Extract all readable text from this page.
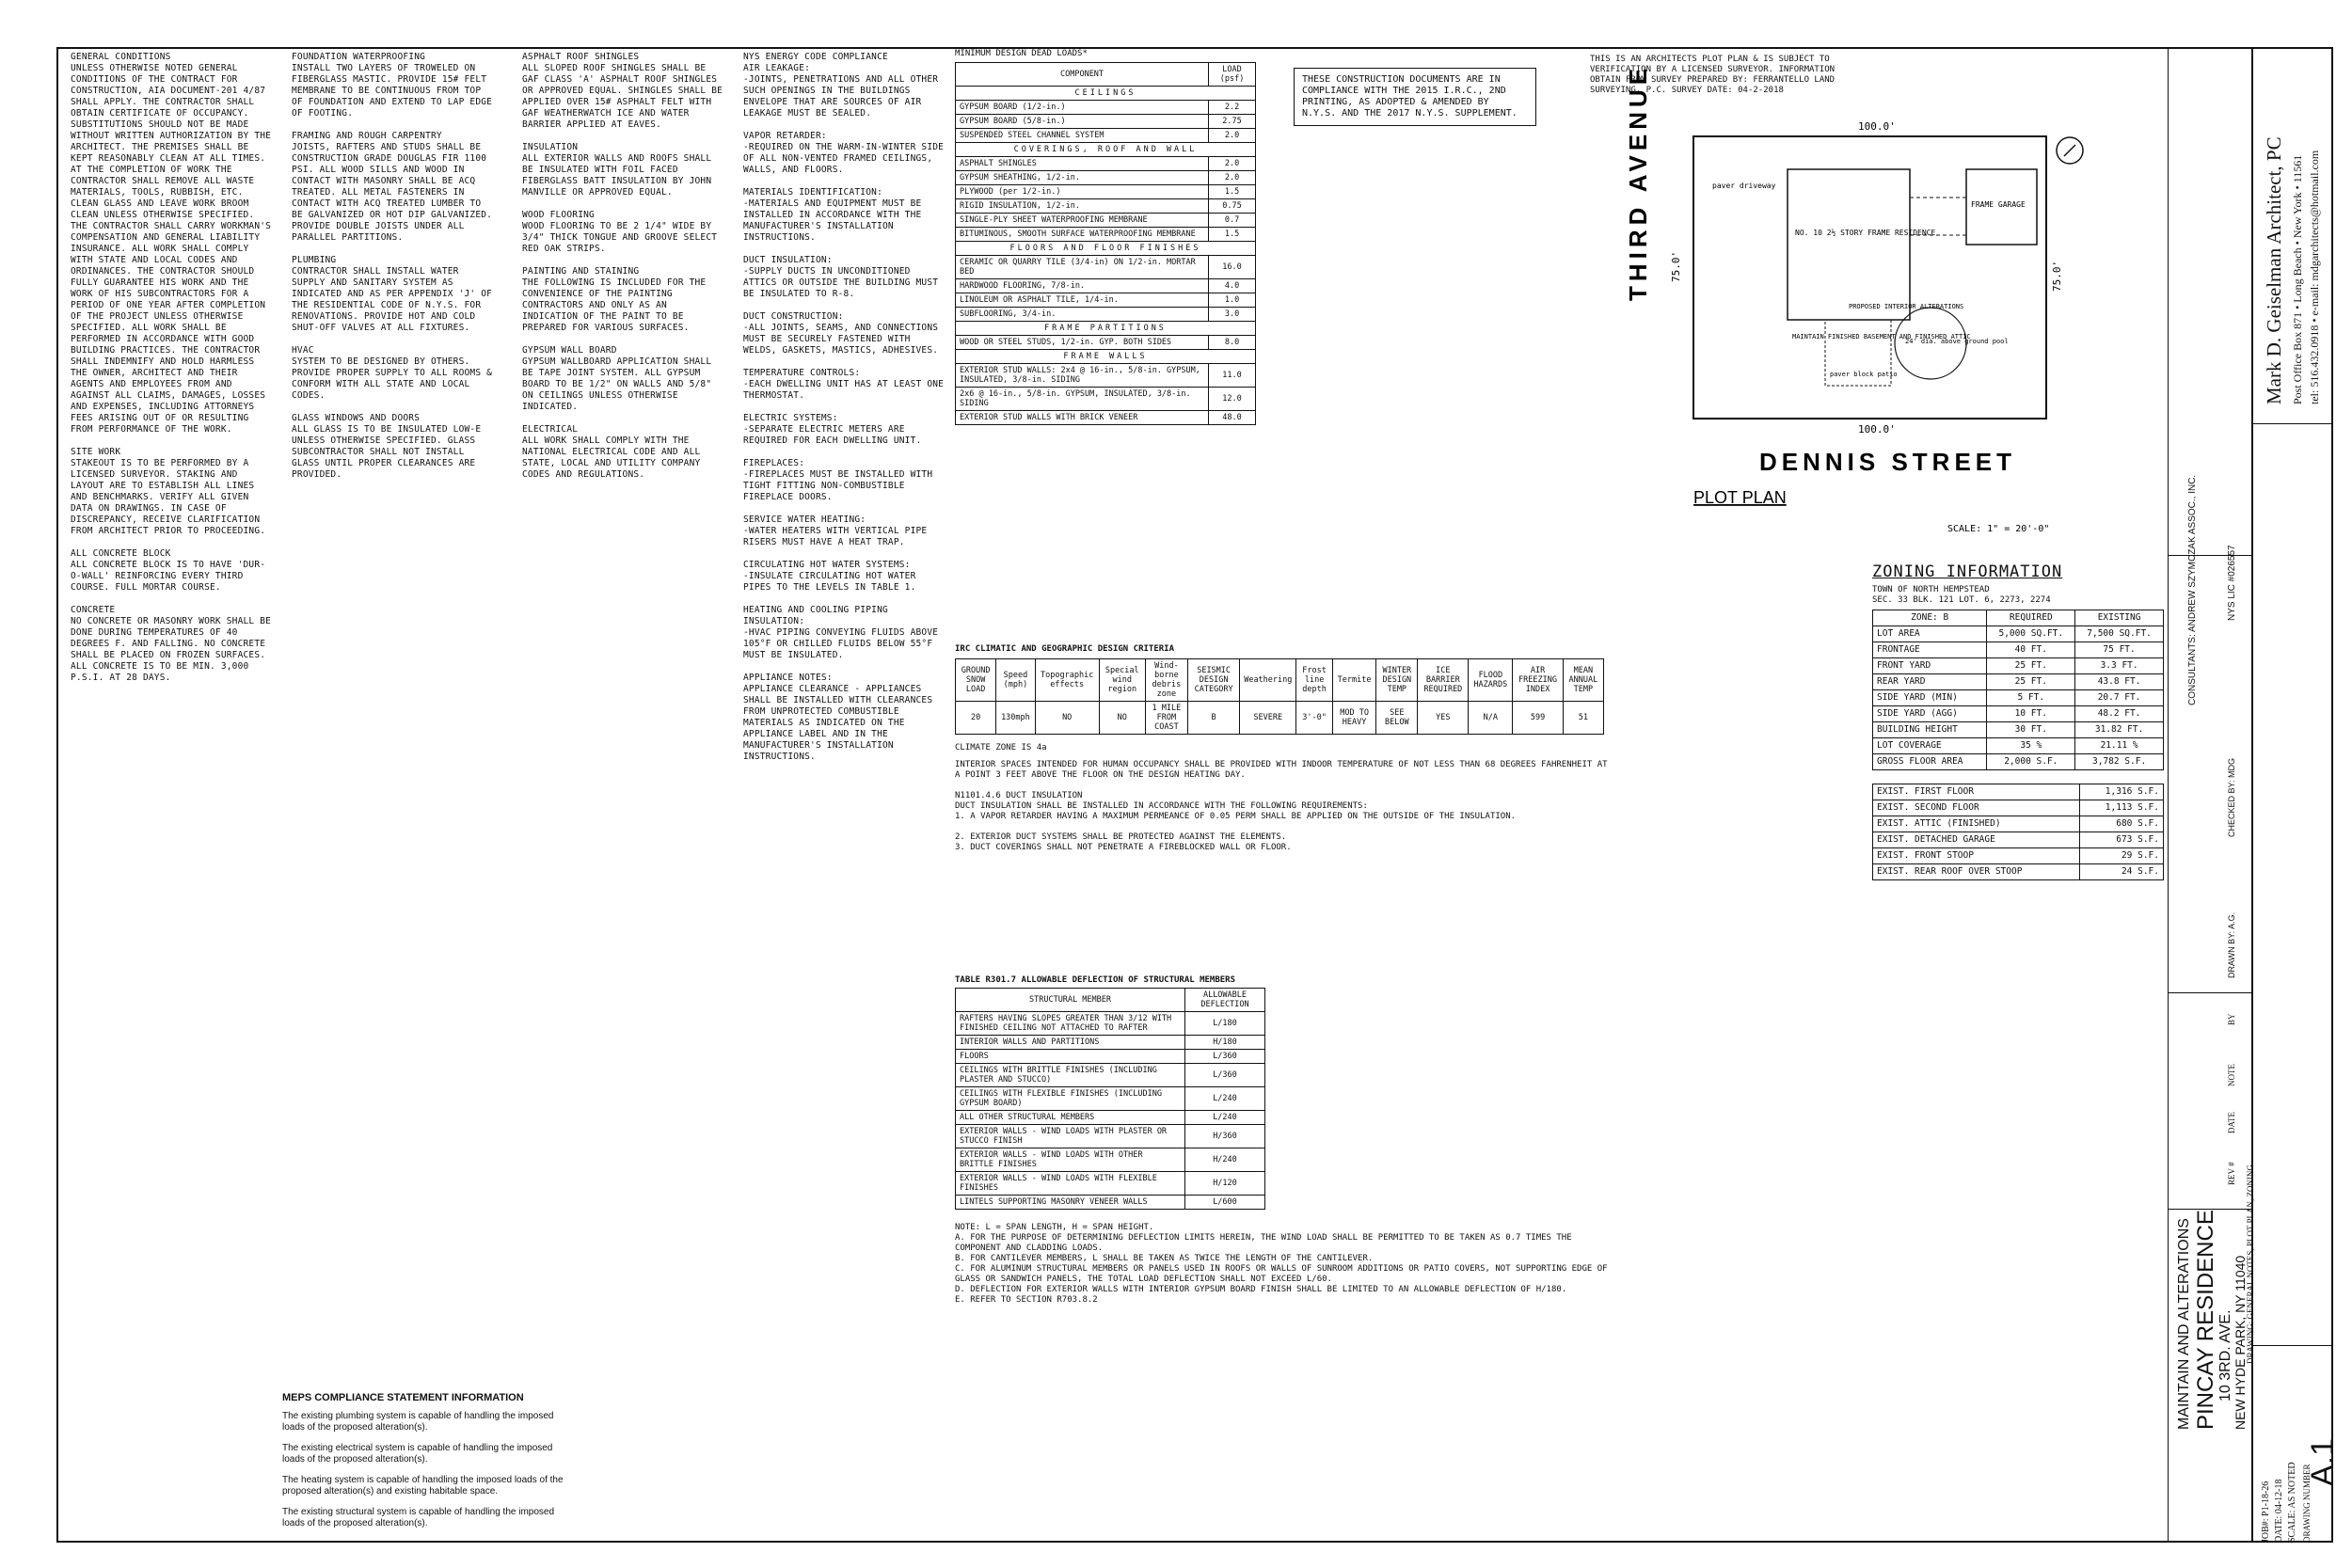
GENERAL CONDITIONS
UNLESS OTHERWISE NOTED GENERAL CONDITIONS OF THE CONTRACT FOR CONSTRUCTION, AIA DOCUMENT-201 4/87 SHALL APPLY. THE CONTRACTOR SHALL OBTAIN CERTIFICATE OF OCCUPANCY. SUBSTITUTIONS SHOULD NOT BE MADE WITHOUT WRITTEN AUTHORIZATION BY THE ARCHITECT. THE PREMISES SHALL BE KEPT REASONABLY CLEAN AT ALL TIMES. AT THE COMPLETION OF WORK THE CONTRACTOR SHALL REMOVE ALL WASTE MATERIALS, TOOLS, RUBBISH, ETC. CLEAN GLASS AND LEAVE WORK BROOM CLEAN UNLESS OTHERWISE SPECIFIED. THE CONTRACTOR SHALL CARRY WORKMAN'S COMPENSATION AND GENERAL LIABILITY INSURANCE. ALL WORK SHALL COMPLY WITH STATE AND LOCAL CODES AND ORDINANCES. THE CONTRACTOR SHOULD FULLY GUARANTEE HIS WORK AND THE WORK OF HIS SUBCONTRACTORS FOR A PERIOD OF ONE YEAR AFTER COMPLETION OF THE PROJECT UNLESS OTHERWISE SPECIFIED. ALL WORK SHALL BE PERFORMED IN ACCORDANCE WITH GOOD BUILDING PRACTICES. THE CONTRACTOR SHALL INDEMNIFY AND HOLD HARMLESS THE OWNER, ARCHITECT AND THEIR AGENTS AND EMPLOYEES FROM AND AGAINST ALL CLAIMS, DAMAGES, LOSSES AND EXPENSES, INCLUDING ATTORNEYS FEES ARISING OUT OF OR RESULTING FROM PERFORMANCE OF THE WORK.

SITE WORK
STAKEOUT IS TO BE PERFORMED BY A LICENSED SURVEYOR. STAKING AND LAYOUT ARE TO ESTABLISH ALL LINES AND BENCHMARKS. VERIFY ALL GIVEN DATA ON DRAWINGS. IN CASE OF DISCREPANCY, RECEIVE CLARIFICATION FROM ARCHITECT PRIOR TO PROCEEDING.

ALL CONCRETE BLOCK
ALL CONCRETE BLOCK IS TO HAVE 'DUR-O-WALL' REINFORCING EVERY THIRD COURSE. FULL MORTAR COURSE.

CONCRETE
NO CONCRETE OR MASONRY WORK SHALL BE DONE DURING TEMPERATURES OF 40 DEGREES F. AND FALLING. NO CONCRETE SHALL BE PLACED ON FROZEN SURFACES. ALL CONCRETE IS TO BE MIN. 3,000 P.S.I. AT 28 DAYS.
FOUNDATION WATERPROOFING
INSTALL TWO LAYERS OF TROWELED ON FIBERGLASS MASTIC. PROVIDE 15# FELT MEMBRANE TO BE CONTINUOUS FROM TOP OF FOUNDATION AND EXTEND TO LAP EDGE OF FOOTING.

FRAMING AND ROUGH CARPENTRY
JOISTS, RAFTERS AND STUDS SHALL BE CONSTRUCTION GRADE DOUGLAS FIR 1100 PSI. ALL WOOD SILLS AND WOOD IN CONTACT WITH MASONRY SHALL BE ACQ TREATED. ALL METAL FASTENERS IN CONTACT WITH ACQ TREATED LUMBER TO BE GALVANIZED OR HOT DIP GALVANIZED. PROVIDE DOUBLE JOISTS UNDER ALL PARALLEL PARTITIONS.

PLUMBING
CONTRACTOR SHALL INSTALL WATER SUPPLY AND SANITARY SYSTEM AS INDICATED AND AS PER APPENDIX 'J' OF THE RESIDENTIAL CODE OF N.Y.S. FOR RENOVATIONS. PROVIDE HOT AND COLD SHUT-OFF VALVES AT ALL FIXTURES.

HVAC
SYSTEM TO BE DESIGNED BY OTHERS. PROVIDE PROPER SUPPLY TO ALL ROOMS & CONFORM WITH ALL STATE AND LOCAL CODES.

GLASS WINDOWS AND DOORS
ALL GLASS IS TO BE INSULATED LOW-E UNLESS OTHERWISE SPECIFIED. GLASS SUBCONTRACTOR SHALL NOT INSTALL GLASS UNTIL PROPER CLEARANCES ARE PROVIDED.
ASPHALT ROOF SHINGLES
ALL SLOPED ROOF SHINGLES SHALL BE GAF CLASS 'A' ASPHALT ROOF SHINGLES OR APPROVED EQUAL. SHINGLES SHALL BE APPLIED OVER 15# ASPHALT FELT WITH GAF WEATHERWATCH ICE AND WATER BARRIER APPLIED AT EAVES.

INSULATION
ALL EXTERIOR WALLS AND ROOFS SHALL BE INSULATED WITH FOIL FACED FIBERGLASS BATT INSULATION BY JOHN MANVILLE OR APPROVED EQUAL.

WOOD FLOORING
WOOD FLOORING TO BE 2 1/4" WIDE BY 3/4" THICK TONGUE AND GROOVE SELECT RED OAK STRIPS.

PAINTING AND STAINING
THE FOLLOWING IS INCLUDED FOR THE CONVENIENCE OF THE PAINTING CONTRACTORS AND ONLY AS AN INDICATION OF THE PAINT TO BE PREPARED FOR VARIOUS SURFACES.

GYPSUM WALL BOARD
GYPSUM WALLBOARD APPLICATION SHALL BE TAPE JOINT SYSTEM. ALL GYPSUM BOARD TO BE 1/2" ON WALLS AND 5/8" ON CEILINGS UNLESS OTHERWISE INDICATED.

ELECTRICAL
ALL WORK SHALL COMPLY WITH THE NATIONAL ELECTRICAL CODE AND ALL STATE, LOCAL AND UTILITY COMPANY CODES AND REGULATIONS.
NYS ENERGY CODE COMPLIANCE
AIR LEAKAGE:
-JOINTS, PENETRATIONS AND ALL OTHER SUCH OPENINGS IN THE BUILDINGS ENVELOPE THAT ARE SOURCES OF AIR LEAKAGE MUST BE SEALED.

VAPOR RETARDER:
-REQUIRED ON THE WARM-IN-WINTER SIDE OF ALL NON-VENTED FRAMED CEILINGS, WALLS, AND FLOORS.

MATERIALS IDENTIFICATION:
-MATERIALS AND EQUIPMENT MUST BE INSTALLED IN ACCORDANCE WITH THE MANUFACTURER'S INSTALLATION INSTRUCTIONS.

DUCT INSULATION:
-SUPPLY DUCTS IN UNCONDITIONED ATTICS OR OUTSIDE THE BUILDING MUST BE INSULATED TO R-8.

DUCT CONSTRUCTION:
-ALL JOINTS, SEAMS, AND CONNECTIONS MUST BE SECURELY FASTENED WITH WELDS, GASKETS, MASTICS, ADHESIVES.

TEMPERATURE CONTROLS:
-EACH DWELLING UNIT HAS AT LEAST ONE THERMOSTAT.

ELECTRIC SYSTEMS:
-SEPARATE ELECTRIC METERS ARE REQUIRED FOR EACH DWELLING UNIT.

FIREPLACES:
-FIREPLACES MUST BE INSTALLED WITH TIGHT FITTING NON-COMBUSTIBLE FIREPLACE DOORS.

SERVICE WATER HEATING:
-WATER HEATERS WITH VERTICAL PIPE RISERS MUST HAVE A HEAT TRAP.

CIRCULATING HOT WATER SYSTEMS:
-INSULATE CIRCULATING HOT WATER PIPES TO THE LEVELS IN TABLE 1.

HEATING AND COOLING PIPING INSULATION:
-HVAC PIPING CONVEYING FLUIDS ABOVE 105°F OR CHILLED FLUIDS BELOW 55°F MUST BE INSULATED.

APPLIANCE NOTES:
APPLIANCE CLEARANCE - APPLIANCES SHALL BE INSTALLED WITH CLEARANCES FROM UNPROTECTED COMBUSTIBLE MATERIALS AS INDICATED ON THE APPLIANCE LABEL AND IN THE MANUFACTURER'S INSTALLATION INSTRUCTIONS.
MEPS COMPLIANCE STATEMENT INFORMATION

The existing plumbing system is capable of handling the imposed loads of the proposed alteration(s).

The existing electrical system is capable of handling the imposed loads of the proposed alteration(s).

The heating system is capable of handling the imposed loads of the proposed alteration(s) and existing habitable space.

The existing structural system is capable of handling the imposed loads of the proposed alteration(s).

MINIMUM DESIGN DEAD LOADS*
COMPONENT	LOAD (psf)
CEILINGS	
GYPSUM BOARD (1/2-in.)	2.2
GYPSUM BOARD (5/8-in.)	2.75
SUSPENDED STEEL CHANNEL SYSTEM	2.0
COVERINGS, ROOF AND WALL	
ASPHALT SHINGLES	2.0
GYPSUM SHEATHING, 1/2-in.	2.0
PLYWOOD (per 1/2-in.)	1.5
RIGID INSULATION, 1/2-in.	0.75
SINGLE-PLY SHEET WATERPROOFING MEMBRANE	0.7
BITUMINOUS, SMOOTH SURFACE WATERPROOFING MEMBRANE	1.5
FLOORS AND FLOOR FINISHES	
CERAMIC OR QUARRY TILE (3/4-in) ON 1/2-in. MORTAR BED	16.0
HARDWOOD FLOORING, 7/8-in.	4.0
LINOLEUM OR ASPHALT TILE, 1/4-in.	1.0
SUBFLOORING, 3/4-in.	3.0
FRAME PARTITIONS	
WOOD OR STEEL STUDS, 1/2-in. GYP. BOTH SIDES	8.0
FRAME WALLS	
EXTERIOR STUD WALLS: 2x4 @ 16-in., 5/8-in. GYPSUM, INSULATED, 3/8-in. SIDING	11.0
2x6 @ 16-in., 5/8-in. GYPSUM, INSULATED, 3/8-in. SIDING	12.0
EXTERIOR STUD WALLS WITH BRICK VENEER	48.0
THESE CONSTRUCTION DOCUMENTS ARE IN COMPLIANCE WITH THE 2015 I.R.C., 2ND PRINTING, AS ADOPTED & AMENDED BY N.Y.S. AND THE 2017 N.Y.S. SUPPLEMENT.
IRC CLIMATIC AND GEOGRAPHIC DESIGN CRITERIA
GROUND SNOW LOAD	Speed (mph)	Topographic effects	Special wind region	Wind-borne debris zone	SEISMIC DESIGN CATEGORY	Weathering	Frost line depth	Termite	WINTER DESIGN TEMP	ICE BARRIER REQUIRED	FLOOD HAZARDS	AIR FREEZING INDEX	MEAN ANNUAL TEMP
20	130mph	NO	NO	1 MILE FROM COAST	B	SEVERE	3'-0"	MOD TO HEAVY	SEE BELOW	YES	N/A	599	51
CLIMATE ZONE IS 4a
INTERIOR SPACES INTENDED FOR HUMAN OCCUPANCY SHALL BE PROVIDED WITH INDOOR TEMPERATURE OF NOT LESS THAN 68 DEGREES FAHRENHEIT AT A POINT 3 FEET ABOVE THE FLOOR ON THE DESIGN HEATING DAY.

N1101.4.6 DUCT INSULATION
DUCT INSULATION SHALL BE INSTALLED IN ACCORDANCE WITH THE FOLLOWING REQUIREMENTS:
1. A VAPOR RETARDER HAVING A MAXIMUM PERMEANCE OF 0.05 PERM SHALL BE APPLIED ON THE OUTSIDE OF THE INSULATION.

2. EXTERIOR DUCT SYSTEMS SHALL BE PROTECTED AGAINST THE ELEMENTS.
3. DUCT COVERINGS SHALL NOT PENETRATE A FIREBLOCKED WALL OR FLOOR.
TABLE R301.7 ALLOWABLE DEFLECTION OF STRUCTURAL MEMBERS
STRUCTURAL MEMBER	ALLOWABLE DEFLECTION
RAFTERS HAVING SLOPES GREATER THAN 3/12 WITH FINISHED CEILING NOT ATTACHED TO RAFTER	L/180
INTERIOR WALLS AND PARTITIONS	H/180
FLOORS	L/360
CEILINGS WITH BRITTLE FINISHES (INCLUDING PLASTER AND STUCCO)	L/360
CEILINGS WITH FLEXIBLE FINISHES (INCLUDING GYPSUM BOARD)	L/240
ALL OTHER STRUCTURAL MEMBERS	L/240
EXTERIOR WALLS - WIND LOADS WITH PLASTER OR STUCCO FINISH	H/360
EXTERIOR WALLS - WIND LOADS WITH OTHER BRITTLE FINISHES	H/240
EXTERIOR WALLS - WIND LOADS WITH FLEXIBLE FINISHES	H/120
LINTELS SUPPORTING MASONRY VENEER WALLS	L/600
NOTE: L = SPAN LENGTH, H = SPAN HEIGHT.
A. FOR THE PURPOSE OF DETERMINING DEFLECTION LIMITS HEREIN, THE WIND LOAD SHALL BE PERMITTED TO BE TAKEN AS 0.7 TIMES THE COMPONENT AND CLADDING LOADS.
B. FOR CANTILEVER MEMBERS, L SHALL BE TAKEN AS TWICE THE LENGTH OF THE CANTILEVER.
C. FOR ALUMINUM STRUCTURAL MEMBERS OR PANELS USED IN ROOFS OR WALLS OF SUNROOM ADDITIONS OR PATIO COVERS, NOT SUPPORTING EDGE OF GLASS OR SANDWICH PANELS, THE TOTAL LOAD DEFLECTION SHALL NOT EXCEED L/60.
D. DEFLECTION FOR EXTERIOR WALLS WITH INTERIOR GYPSUM BOARD FINISH SHALL BE LIMITED TO AN ALLOWABLE DEFLECTION OF H/180.
E. REFER TO SECTION R703.8.2
THIS IS AN ARCHITECTS PLOT PLAN & IS SUBJECT TO VERIFICATION BY A LICENSED SURVEYOR. INFORMATION OBTAIN FROM SURVEY PREPARED BY: FERRANTELLO LAND SURVEYING, P.C. SURVEY DATE: 04-2-2018
THIRD AVENUE
DENNIS STREET
PLOT PLAN
SCALE: 1" = 20'-0"
100.0'
100.0'
75.0'	75.0'
NO. 10 2½ STORY FRAME RESIDENCE
FRAME GARAGE
24' dia. above ground pool
paver driveway
MAINTAIN FINISHED BASEMENT AND FINISHED ATTIC
paver block patio
PROPOSED INTERIOR ALTERATIONS
ZONING INFORMATION
TOWN OF NORTH HEMPSTEAD
SEC. 33 BLK. 121 LOT. 6, 2273, 2274
ZONE: B	REQUIRED	EXISTING
LOT AREA	5,000 SQ.FT.	7,500 SQ.FT.
FRONTAGE	40 FT.	75 FT.
FRONT YARD	25 FT.	3.3 FT.
REAR YARD	25 FT.	43.8 FT.
SIDE YARD (MIN)	5 FT.	20.7 FT.
SIDE YARD (AGG)	10 FT.	48.2 FT.
BUILDING HEIGHT	30 FT.	31.82 FT.
LOT COVERAGE	35 %	21.11 %
GROSS FLOOR AREA	2,000 S.F.	3,782 S.F.
EXIST. FIRST FLOOR	1,316 S.F.
EXIST. SECOND FLOOR	1,113 S.F.
EXIST. ATTIC (FINISHED)	680 S.F.
EXIST. DETACHED GARAGE	673 S.F.
EXIST. FRONT STOOP	29 S.F.
EXIST. REAR ROOF OVER STOOP	24 S.F.
CONSULTANTS: ANDREW SZYMCZAK ASSOC., INC.	NYS LIC #026557
CHECKED BY: MDG
DRAWN BY: A.G.
REV #
DATE
NOTE
BY
MAINTAIN AND ALTERATIONS PINCAY RESIDENCE 10 3RD. AVE. NEW HYDE PARK, NY 11040
Mark D. Geiselman Architect, PC Post Office Box 871 • Long Beach • New York • 11561 tel: 516.432.0918 • e-mail: mdgarchitects@hotmail.com
JOB#: P1-18-26 DATE: 04-12-18 SCALE: AS NOTED DRAWING NUMBER
A.1
DRAWING: GENERAL NOTES, PLOT PLAN, ZONING
